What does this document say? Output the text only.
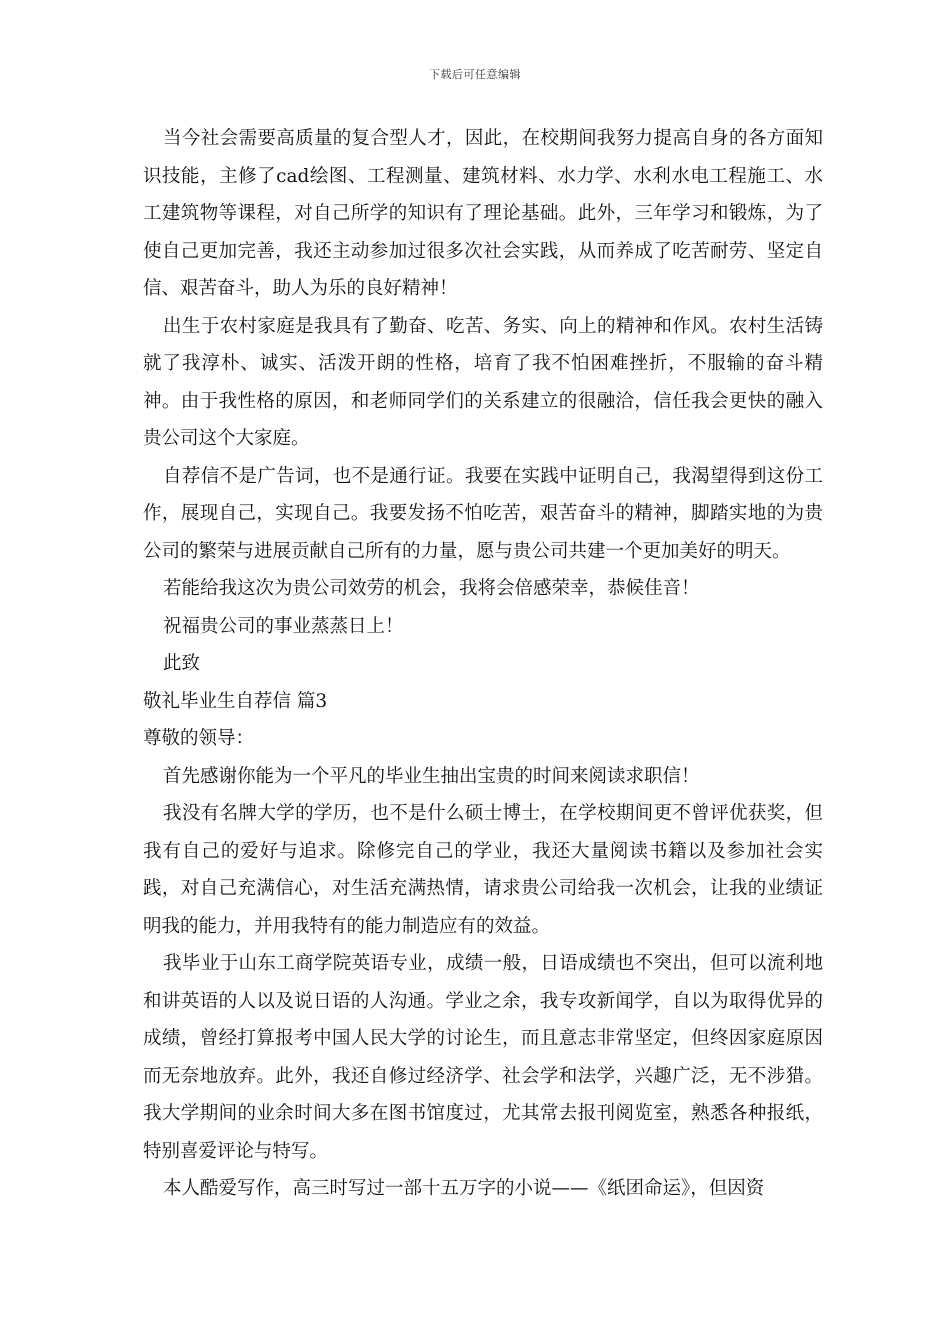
下载后可任意编辑

当今社会需要高质量的复合型人才，因此，在校期间我努力提高自身的各方面知识技能，主修了cad绘图、工程测量、建筑材料、水力学、水利水电工程施工、水工建筑物等课程，对自己所学的知识有了理论基础。此外，三年学习和锻炼，为了使自己更加完善，我还主动参加过很多次社会实践，从而养成了吃苦耐劳、坚定自信、艰苦奋斗，助人为乐的良好精神！

出生于农村家庭是我具有了勤奋、吃苦、务实、向上的精神和作风。农村生活铸就了我淳朴、诚实、活泼开朗的性格，培育了我不怕困难挫折，不服输的奋斗精神。由于我性格的原因，和老师同学们的关系建立的很融洽，信任我会更快的融入贵公司这个大家庭。

自荐信不是广告词，也不是通行证。我要在实践中证明自己，我渴望得到这份工作，展现自己，实现自己。我要发扬不怕吃苦，艰苦奋斗的精神，脚踏实地的为贵公司的繁荣与进展贡献自己所有的力量，愿与贵公司共建一个更加美好的明天。

若能给我这次为贵公司效劳的机会，我将会倍感荣幸，恭候佳音！

祝福贵公司的事业蒸蒸日上！

此致

敬礼毕业生自荐信 篇3

尊敬的领导：

首先感谢你能为一个平凡的毕业生抽出宝贵的时间来阅读求职信！

我没有名牌大学的学历，也不是什么硕士博士，在学校期间更不曾评优获奖，但我有自己的爱好与追求。除修完自己的学业，我还大量阅读书籍以及参加社会实践，对自己充满信心，对生活充满热情，请求贵公司给我一次机会，让我的业绩证明我的能力，并用我特有的能力制造应有的效益。

我毕业于山东工商学院英语专业，成绩一般，日语成绩也不突出，但可以流利地和讲英语的人以及说日语的人沟通。学业之余，我专攻新闻学，自以为取得优异的成绩，曾经打算报考中国人民大学的讨论生，而且意志非常坚定，但终因家庭原因而无奈地放弃。此外，我还自修过经济学、社会学和法学，兴趣广泛，无不涉猎。我大学期间的业余时间大多在图书馆度过，尤其常去报刊阅览室，熟悉各种报纸，特别喜爱评论与特写。

本人酷爱写作，高三时写过一部十五万字的小说——《纸团命运》，但因资
